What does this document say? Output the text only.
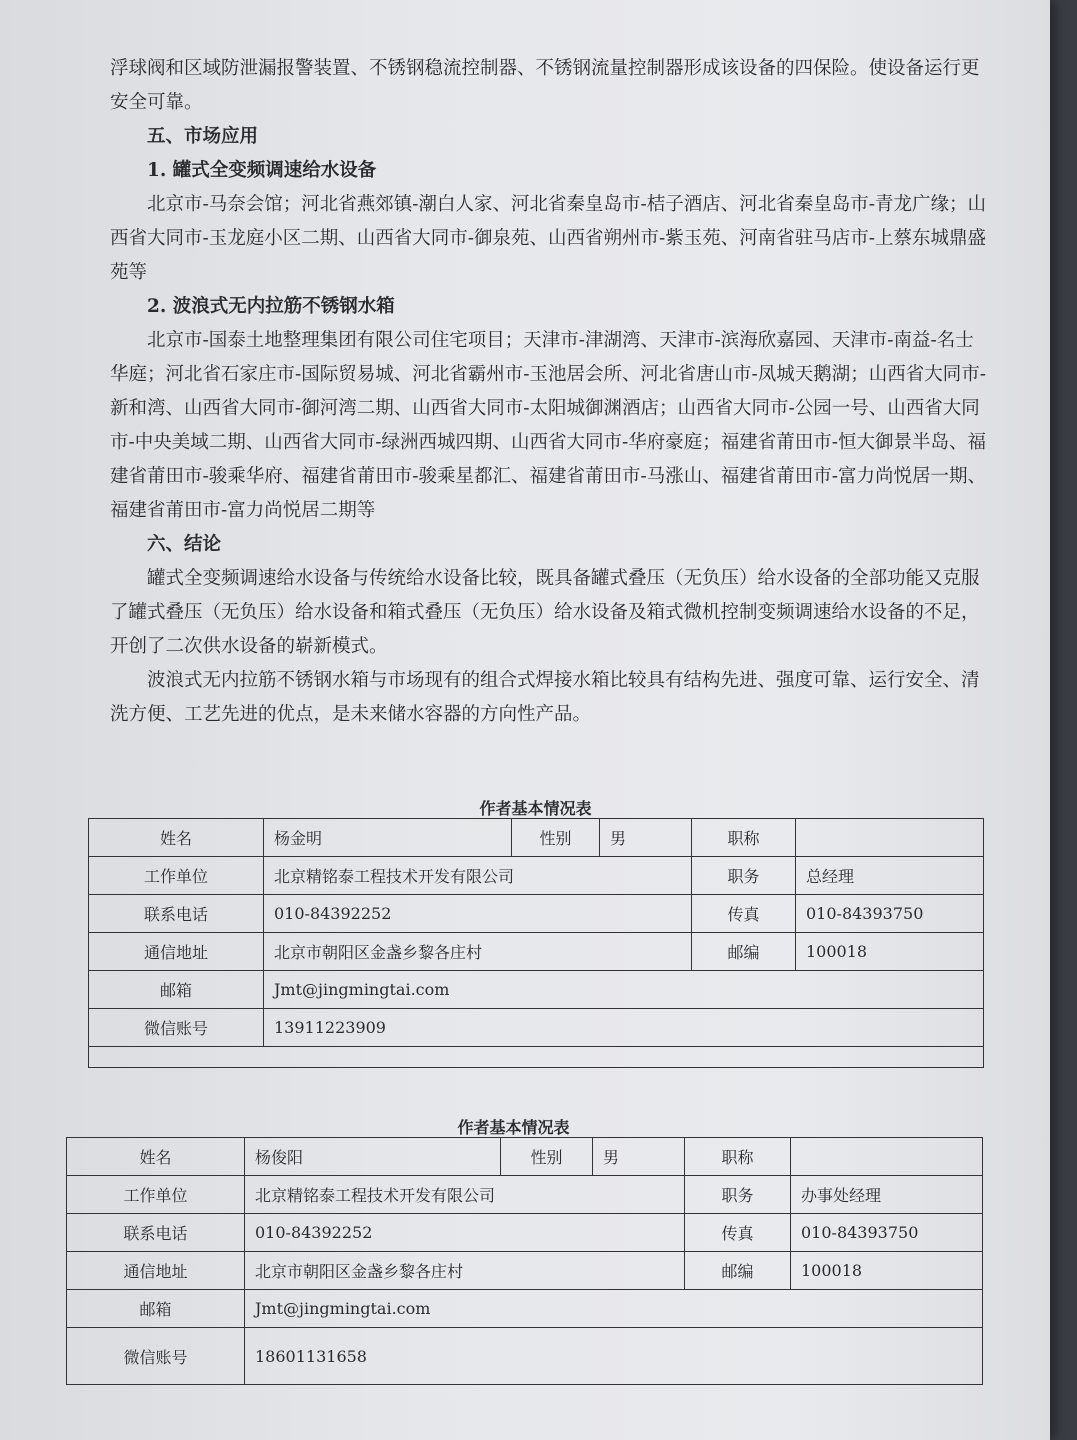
浮球阀和区域防泄漏报警装置、不锈钢稳流控制器、不锈钢流量控制器形成该设备的四保险。使设备运行更安全可靠。

五、市场应用

1. 罐式全变频调速给水设备

北京市-马奈会馆；河北省燕郊镇-潮白人家、河北省秦皇岛市-桔子酒店、河北省秦皇岛市-青龙广缘；山西省大同市-玉龙庭小区二期、山西省大同市-御泉苑、山西省朔州市-紫玉苑、河南省驻马店市-上蔡东城鼎盛苑等

2. 波浪式无内拉筋不锈钢水箱

北京市-国泰土地整理集团有限公司住宅项目；天津市-津湖湾、天津市-滨海欣嘉园、天津市-南益-名士华庭；河北省石家庄市-国际贸易城、河北省霸州市-玉池居会所、河北省唐山市-凤城天鹅湖；山西省大同市-新和湾、山西省大同市-御河湾二期、山西省大同市-太阳城御渊酒店；山西省大同市-公园一号、山西省大同市-中央美域二期、山西省大同市-绿洲西城四期、山西省大同市-华府豪庭；福建省莆田市-恒大御景半岛、福建省莆田市-骏乘华府、福建省莆田市-骏乘星都汇、福建省莆田市-马涨山、福建省莆田市-富力尚悦居一期、福建省莆田市-富力尚悦居二期等

六、结论

罐式全变频调速给水设备与传统给水设备比较，既具备罐式叠压（无负压）给水设备的全部功能又克服了罐式叠压（无负压）给水设备和箱式叠压（无负压）给水设备及箱式微机控制变频调速给水设备的不足，开创了二次供水设备的崭新模式。

波浪式无内拉筋不锈钢水箱与市场现有的组合式焊接水箱比较具有结构先进、强度可靠、运行安全、清洗方便、工艺先进的优点，是未来储水容器的方向性产品。

作者基本情况表
姓名	杨金明	性别	男	职称	
工作单位	北京精铭泰工程技术开发有限公司			职务	总经理
联系电话	010-84392252			传真	010-84393750
通信地址	北京市朝阳区金盏乡黎各庄村			邮编	100018
邮箱	Jmt@jingmingtai.com				
微信账号	13911223909				

作者基本情况表
姓名	杨俊阳	性别	男	职称	
工作单位	北京精铭泰工程技术开发有限公司			职务	办事处经理
联系电话	010-84392252			传真	010-84393750
通信地址	北京市朝阳区金盏乡黎各庄村			邮编	100018
邮箱	Jmt@jingmingtai.com				
微信账号	18601131658				
